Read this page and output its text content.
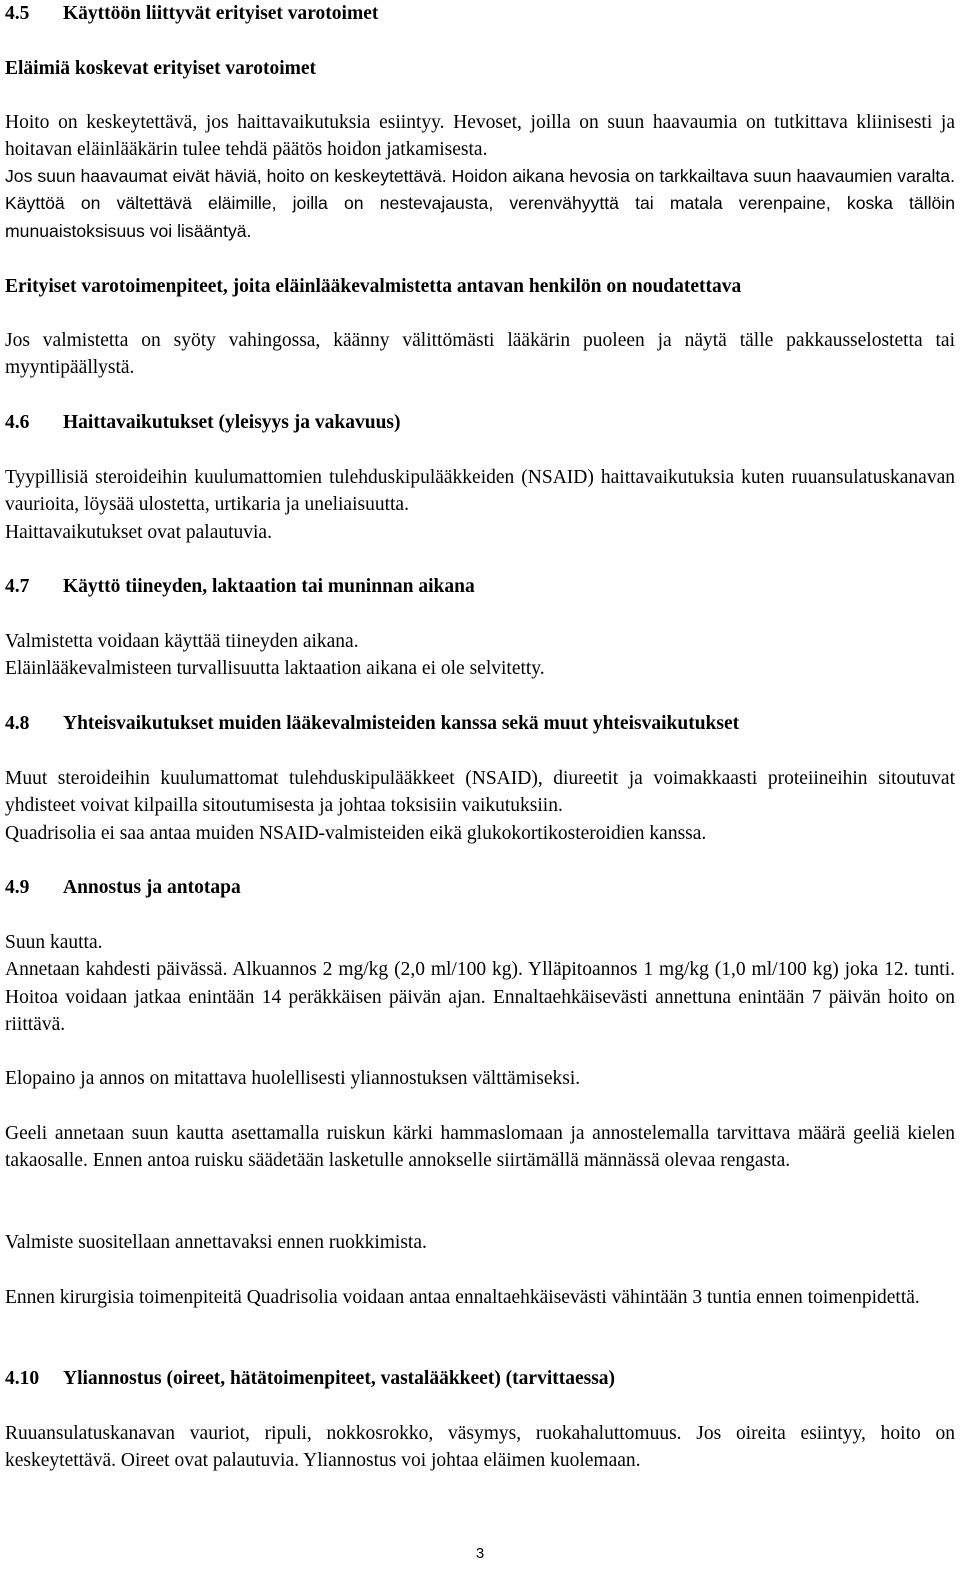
4.5 Käyttöön liittyvät erityiset varotoimet

Eläimiä koskevat erityiset varotoimet

Hoito on keskeytettävä, jos haittavaikutuksia esiintyy. Hevoset, joilla on suun haavaumia on tutkittava kliinisesti ja hoitavan eläinlääkärin tulee tehdä päätös hoidon jatkamisesta.

Jos suun haavaumat eivät häviä, hoito on keskeytettävä. Hoidon aikana hevosia on tarkkailtava suun haavaumien varalta. Käyttöä on vältettävä eläimille, joilla on nestevajausta, verenvähyyttä tai matala verenpaine, koska tällöin munuaistoksisuus voi lisääntyä.

Erityiset varotoimenpiteet, joita eläinlääkevalmistetta antavan henkilön on noudatettava

Jos valmistetta on syöty vahingossa, käänny välittömästi lääkärin puoleen ja näytä tälle pakkausselostetta tai myyntipäällystä.

4.6 Haittavaikutukset (yleisyys ja vakavuus)

Tyypillisiä steroideihin kuulumattomien tulehduskipulääkkeiden (NSAID) haittavaikutuksia kuten ruuansulatuskanavan vaurioita, löysää ulostetta, urtikaria ja uneliaisuutta.

Haittavaikutukset ovat palautuvia.

4.7 Käyttö tiineyden, laktaation tai muninnan aikana

Valmistetta voidaan käyttää tiineyden aikana.

Eläinlääkevalmisteen turvallisuutta laktaation aikana ei ole selvitetty.

4.8 Yhteisvaikutukset muiden lääkevalmisteiden kanssa sekä muut yhteisvaikutukset

Muut steroideihin kuulumattomat tulehduskipulääkkeet (NSAID), diureetit ja voimakkaasti proteiineihin sitoutuvat yhdisteet voivat kilpailla sitoutumisesta ja johtaa toksisiin vaikutuksiin.

Quadrisolia ei saa antaa muiden NSAID-valmisteiden eikä glukokortikosteroidien kanssa.

4.9 Annostus ja antotapa

Suun kautta.

Annetaan kahdesti päivässä. Alkuannos 2 mg/kg (2,0 ml/100 kg). Ylläpitoannos 1 mg/kg (1,0 ml/100 kg) joka 12. tunti. Hoitoa voidaan jatkaa enintään 14 peräkkäisen päivän ajan. Ennaltaehkäisevästi annettuna enintään 7 päivän hoito on riittävä.

Elopaino ja annos on mitattava huolellisesti yliannostuksen välttämiseksi.

Geeli annetaan suun kautta asettamalla ruiskun kärki hammaslomaan ja annostelemalla tarvittava määrä geeliä kielen takaosalle. Ennen antoa ruisku säädetään lasketulle annokselle siirtämällä männässä olevaa rengasta.

Valmiste suositellaan annettavaksi ennen ruokkimista.

Ennen kirurgisia toimenpiteitä Quadrisolia voidaan antaa ennaltaehkäisevästi vähintään 3 tuntia ennen toimenpidettä.

4.10 Yliannostus (oireet, hätätoimenpiteet, vastalääkkeet) (tarvittaessa)

Ruuansulatuskanavan vauriot, ripuli, nokkosrokko, väsymys, ruokahaluttomuus. Jos oireita esiintyy, hoito on keskeytettävä. Oireet ovat palautuvia. Yliannostus voi johtaa eläimen kuolemaan.

3
